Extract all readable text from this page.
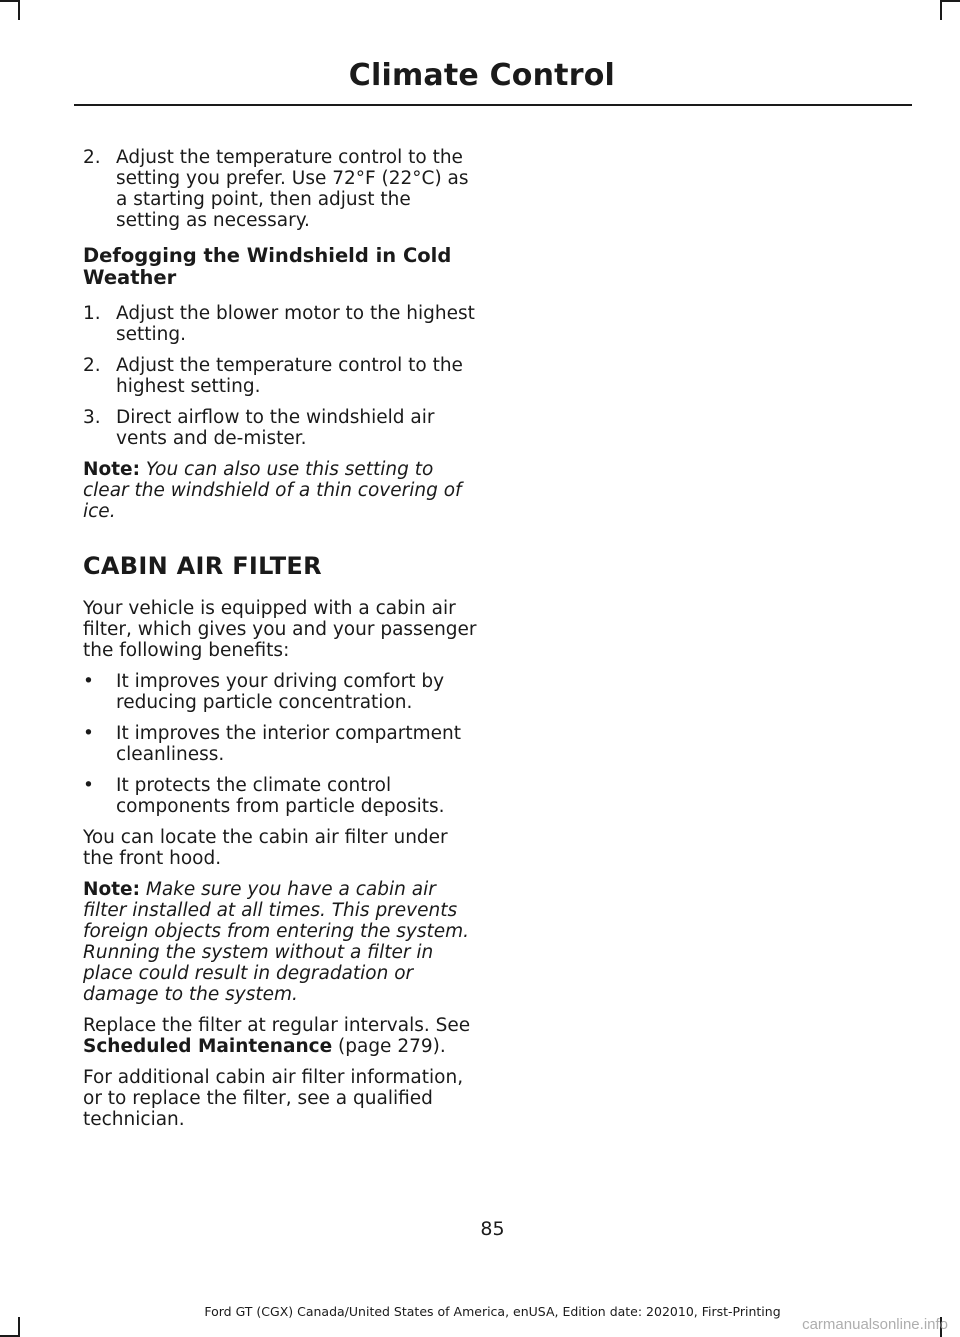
Climate Control
2. Adjust the temperature control to the setting you prefer. Use 72°F (22°C) as a starting point, then adjust the setting as necessary.
Defogging the Windshield in Cold Weather
1. Adjust the blower motor to the highest setting.
2. Adjust the temperature control to the highest setting.
3. Direct airflow to the windshield air vents and de-mister.
Note: You can also use this setting to clear the windshield of a thin covering of ice.
CABIN AIR FILTER
Your vehicle is equipped with a cabin air filter, which gives you and your passenger the following benefits:
• It improves your driving comfort by reducing particle concentration.
• It improves the interior compartment cleanliness.
• It protects the climate control components from particle deposits.
You can locate the cabin air filter under the front hood.
Note: Make sure you have a cabin air filter installed at all times. This prevents foreign objects from entering the system. Running the system without a filter in place could result in degradation or damage to the system.
Replace the filter at regular intervals. See Scheduled Maintenance (page 279).
For additional cabin air filter information, or to replace the filter, see a qualified technician.
85
Ford GT (CGX) Canada/United States of America, enUSA, Edition date: 202010, First-Printing
carmanualsonline.info
